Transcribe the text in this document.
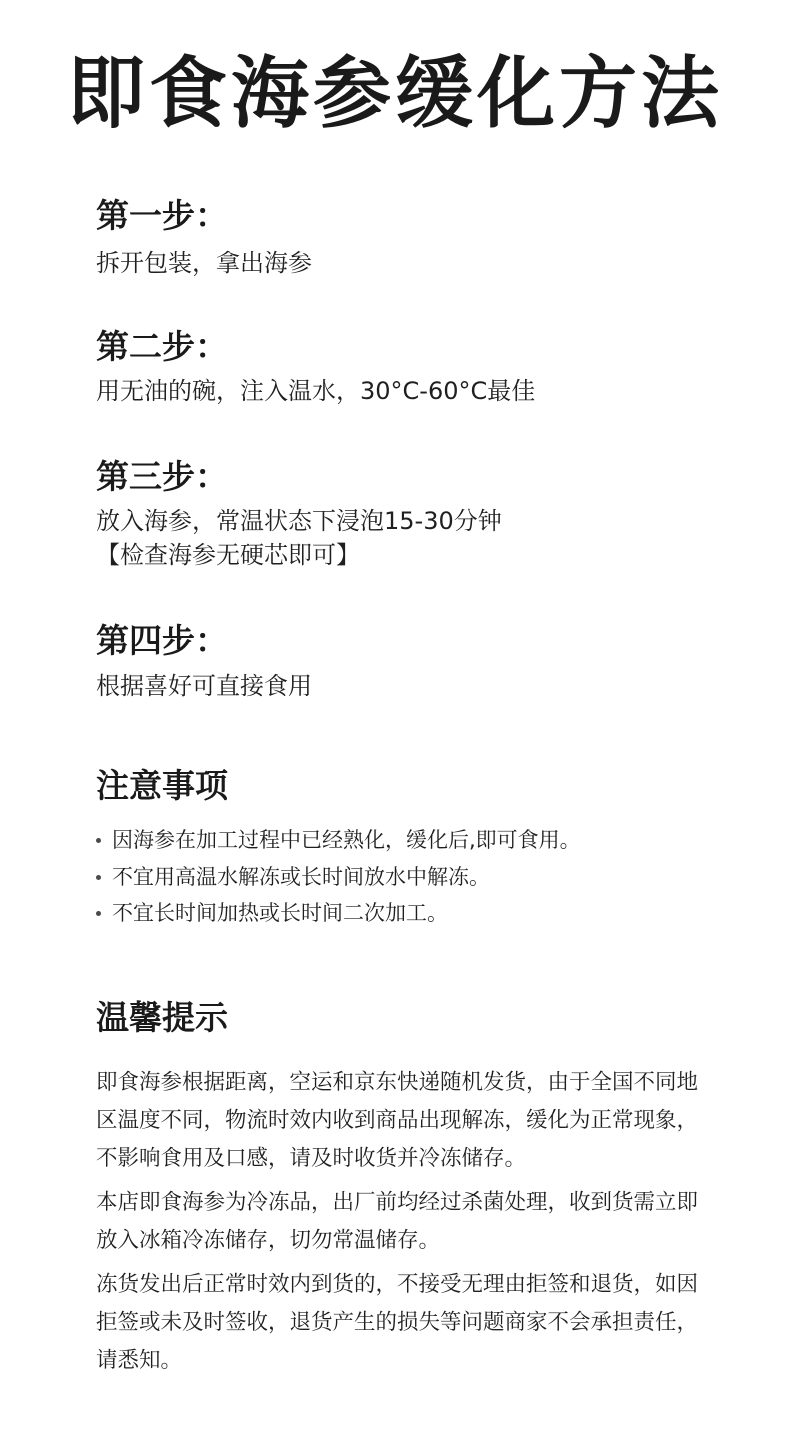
即食海参缓化方法
第一步：
拆开包装，拿出海参
第二步：
用无油的碗，注入温水，30°C-60°C最佳
第三步：
放入海参，常温状态下浸泡15-30分钟
【检查海参无硬芯即可】
第四步：
根据喜好可直接食用
注意事项
因海参在加工过程中已经熟化，缓化后,即可食用。
不宜用高温水解冻或长时间放水中解冻。
不宜长时间加热或长时间二次加工。
温馨提示
即食海参根据距离，空运和京东快递随机发货，由于全国不同地区温度不同，物流时效内收到商品出现解冻，缓化为正常现象，不影响食用及口感，请及时收货并冷冻储存。
本店即食海参为冷冻品，出厂前均经过杀菌处理，收到货需立即放入冰箱冷冻储存，切勿常温储存。
冻货发出后正常时效内到货的，不接受无理由拒签和退货，如因拒签或未及时签收，退货产生的损失等问题商家不会承担责任，请悉知。
